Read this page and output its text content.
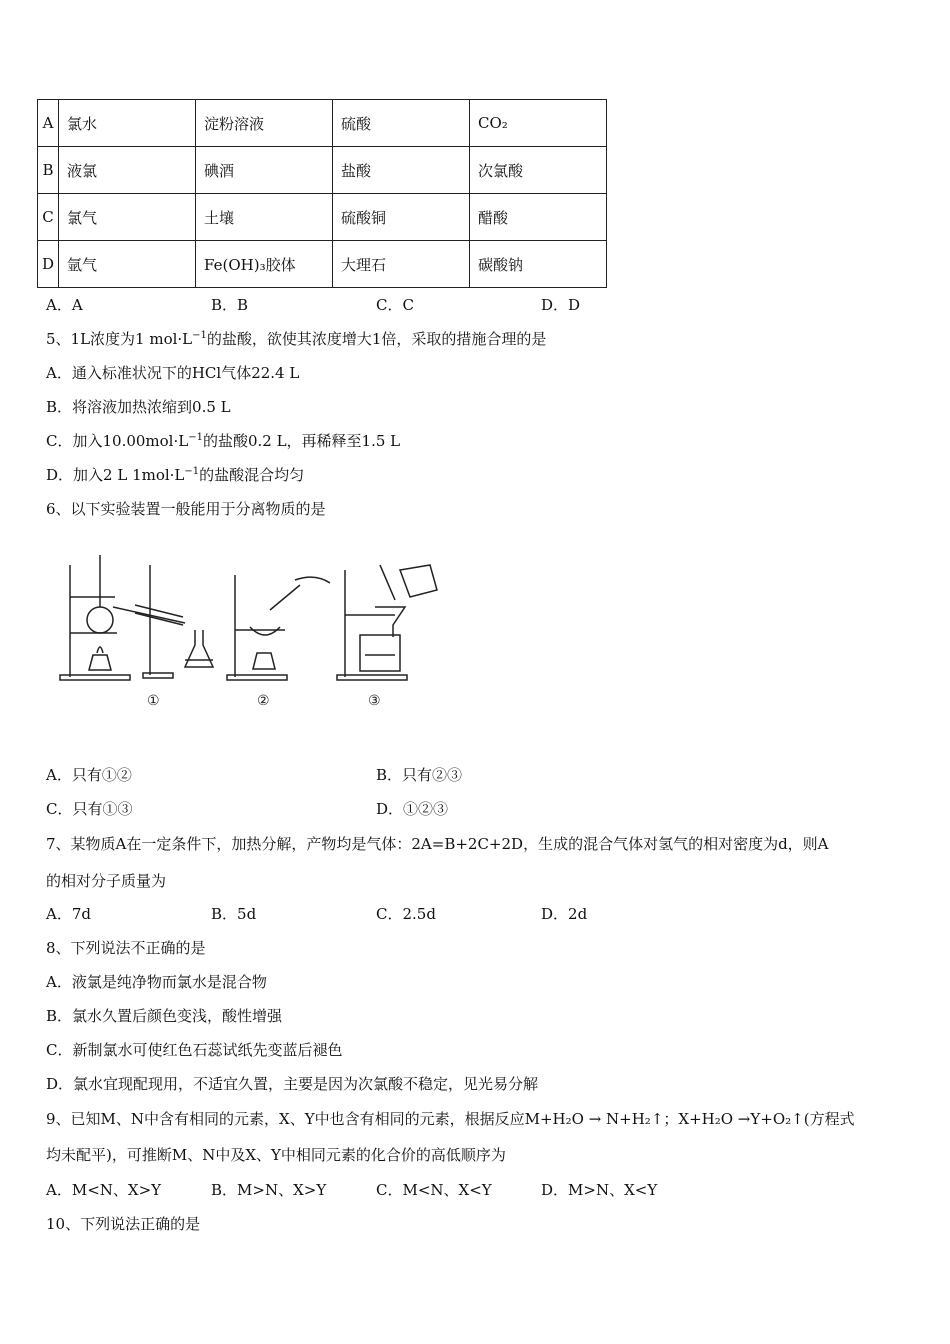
A	氯水	淀粉溶液	硫酸	CO₂
B	液氯	碘酒	盐酸	次氯酸
C	氯气	土壤	硫酸铜	醋酸
D	氩气	Fe(OH)₃胶体	大理石	碳酸钠
A．A	B．B	C．C	D．D
5、1L浓度为1 $mol\cdot L^{-1}$的盐酸，欲使其浓度增大1倍，采取的措施合理的是
A．通入标准状况下的HCl气体22.4 L
B．将溶液加热浓缩到0.5 L
C．加入$10.00mol\cdot L^{-1}$的盐酸0.2 L，再稀释至1.5 L
D．加入2 L $1mol\cdot L^{-1}$的盐酸混合均匀
6、以下实验装置一般能用于分离物质的是
①	②	③
A．只有①②	B．只有②③
C．只有①③	D．①②③
7、某物质A在一定条件下，加热分解，产物均是气体：2A=B+2C+2D，生成的混合气体对氢气的相对密度为d，则A
的相对分子质量为
A．7d	B．5d	C．2.5d	D．2d
8、下列说法不正确的是
A．液氯是纯净物而氯水是混合物
B．氯水久置后颜色变浅，酸性增强
C．新制氯水可使红色石蕊试纸先变蓝后褪色
D．氯水宜现配现用，不适宜久置，主要是因为次氯酸不稳定，见光易分解
9、已知M、N中含有相同的元素，X、Y中也含有相同的元素，根据反应M+H₂O → N+H₂↑；X+H₂O →Y+O₂↑(方程式
均未配平)，可推断M、N中及X、Y中相同元素的化合价的高低顺序为
A．M<N、X>Y	B．M>N、X>Y	C．M<N、X<Y	D．M>N、X<Y
10、下列说法正确的是
